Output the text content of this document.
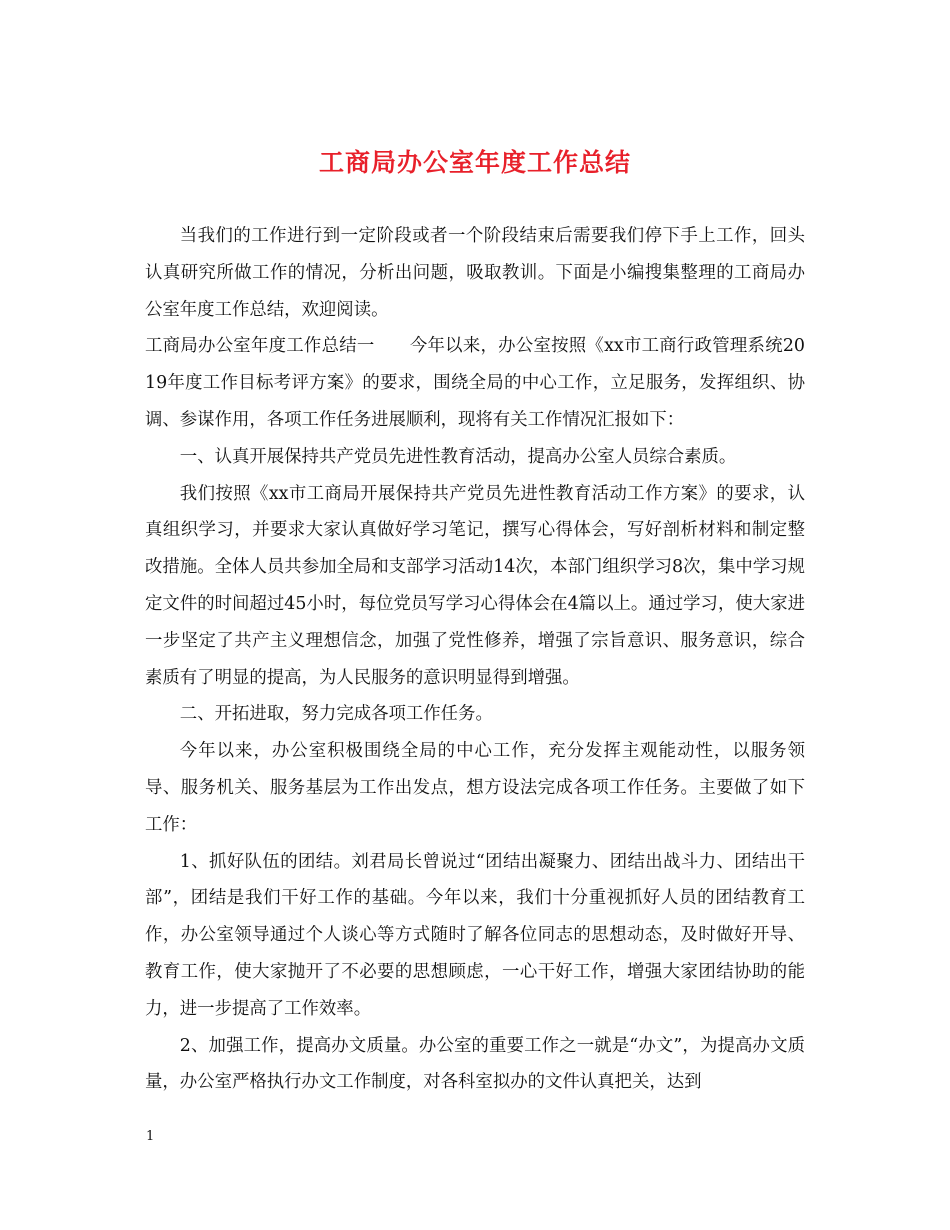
工商局办公室年度工作总结

当我们的工作进行到一定阶段或者一个阶段结束后需要我们停下手上工作，回头认真研究所做工作的情况，分析出问题，吸取教训。下面是小编搜集整理的工商局办公室年度工作总结，欢迎阅读。

工商局办公室年度工作总结一　　今年以来，办公室按照《xx市工商行政管理系统2019年度工作目标考评方案》的要求，围绕全局的中心工作，立足服务，发挥组织、协调、参谋作用，各项工作任务进展顺利，现将有关工作情况汇报如下：

一、认真开展保持共产党员先进性教育活动，提高办公室人员综合素质。

我们按照《xx市工商局开展保持共产党员先进性教育活动工作方案》的要求，认真组织学习，并要求大家认真做好学习笔记，撰写心得体会，写好剖析材料和制定整改措施。全体人员共参加全局和支部学习活动14次，本部门组织学习8次，集中学习规定文件的时间超过45小时，每位党员写学习心得体会在4篇以上。通过学习，使大家进一步坚定了共产主义理想信念，加强了党性修养，增强了宗旨意识、服务意识，综合素质有了明显的提高，为人民服务的意识明显得到增强。

二、开拓进取，努力完成各项工作任务。

今年以来，办公室积极围绕全局的中心工作，充分发挥主观能动性，以服务领导、服务机关、服务基层为工作出发点，想方设法完成各项工作任务。主要做了如下工作：

1、抓好队伍的团结。刘君局长曾说过“团结出凝聚力、团结出战斗力、团结出干部”，团结是我们干好工作的基础。今年以来，我们十分重视抓好人员的团结教育工作，办公室领导通过个人谈心等方式随时了解各位同志的思想动态，及时做好开导、教育工作，使大家抛开了不必要的思想顾虑，一心干好工作，增强大家团结协助的能力，进一步提高了工作效率。

2、加强工作，提高办文质量。办公室的重要工作之一就是“办文”，为提高办文质量，办公室严格执行办文工作制度，对各科室拟办的文件认真把关，达到

1
